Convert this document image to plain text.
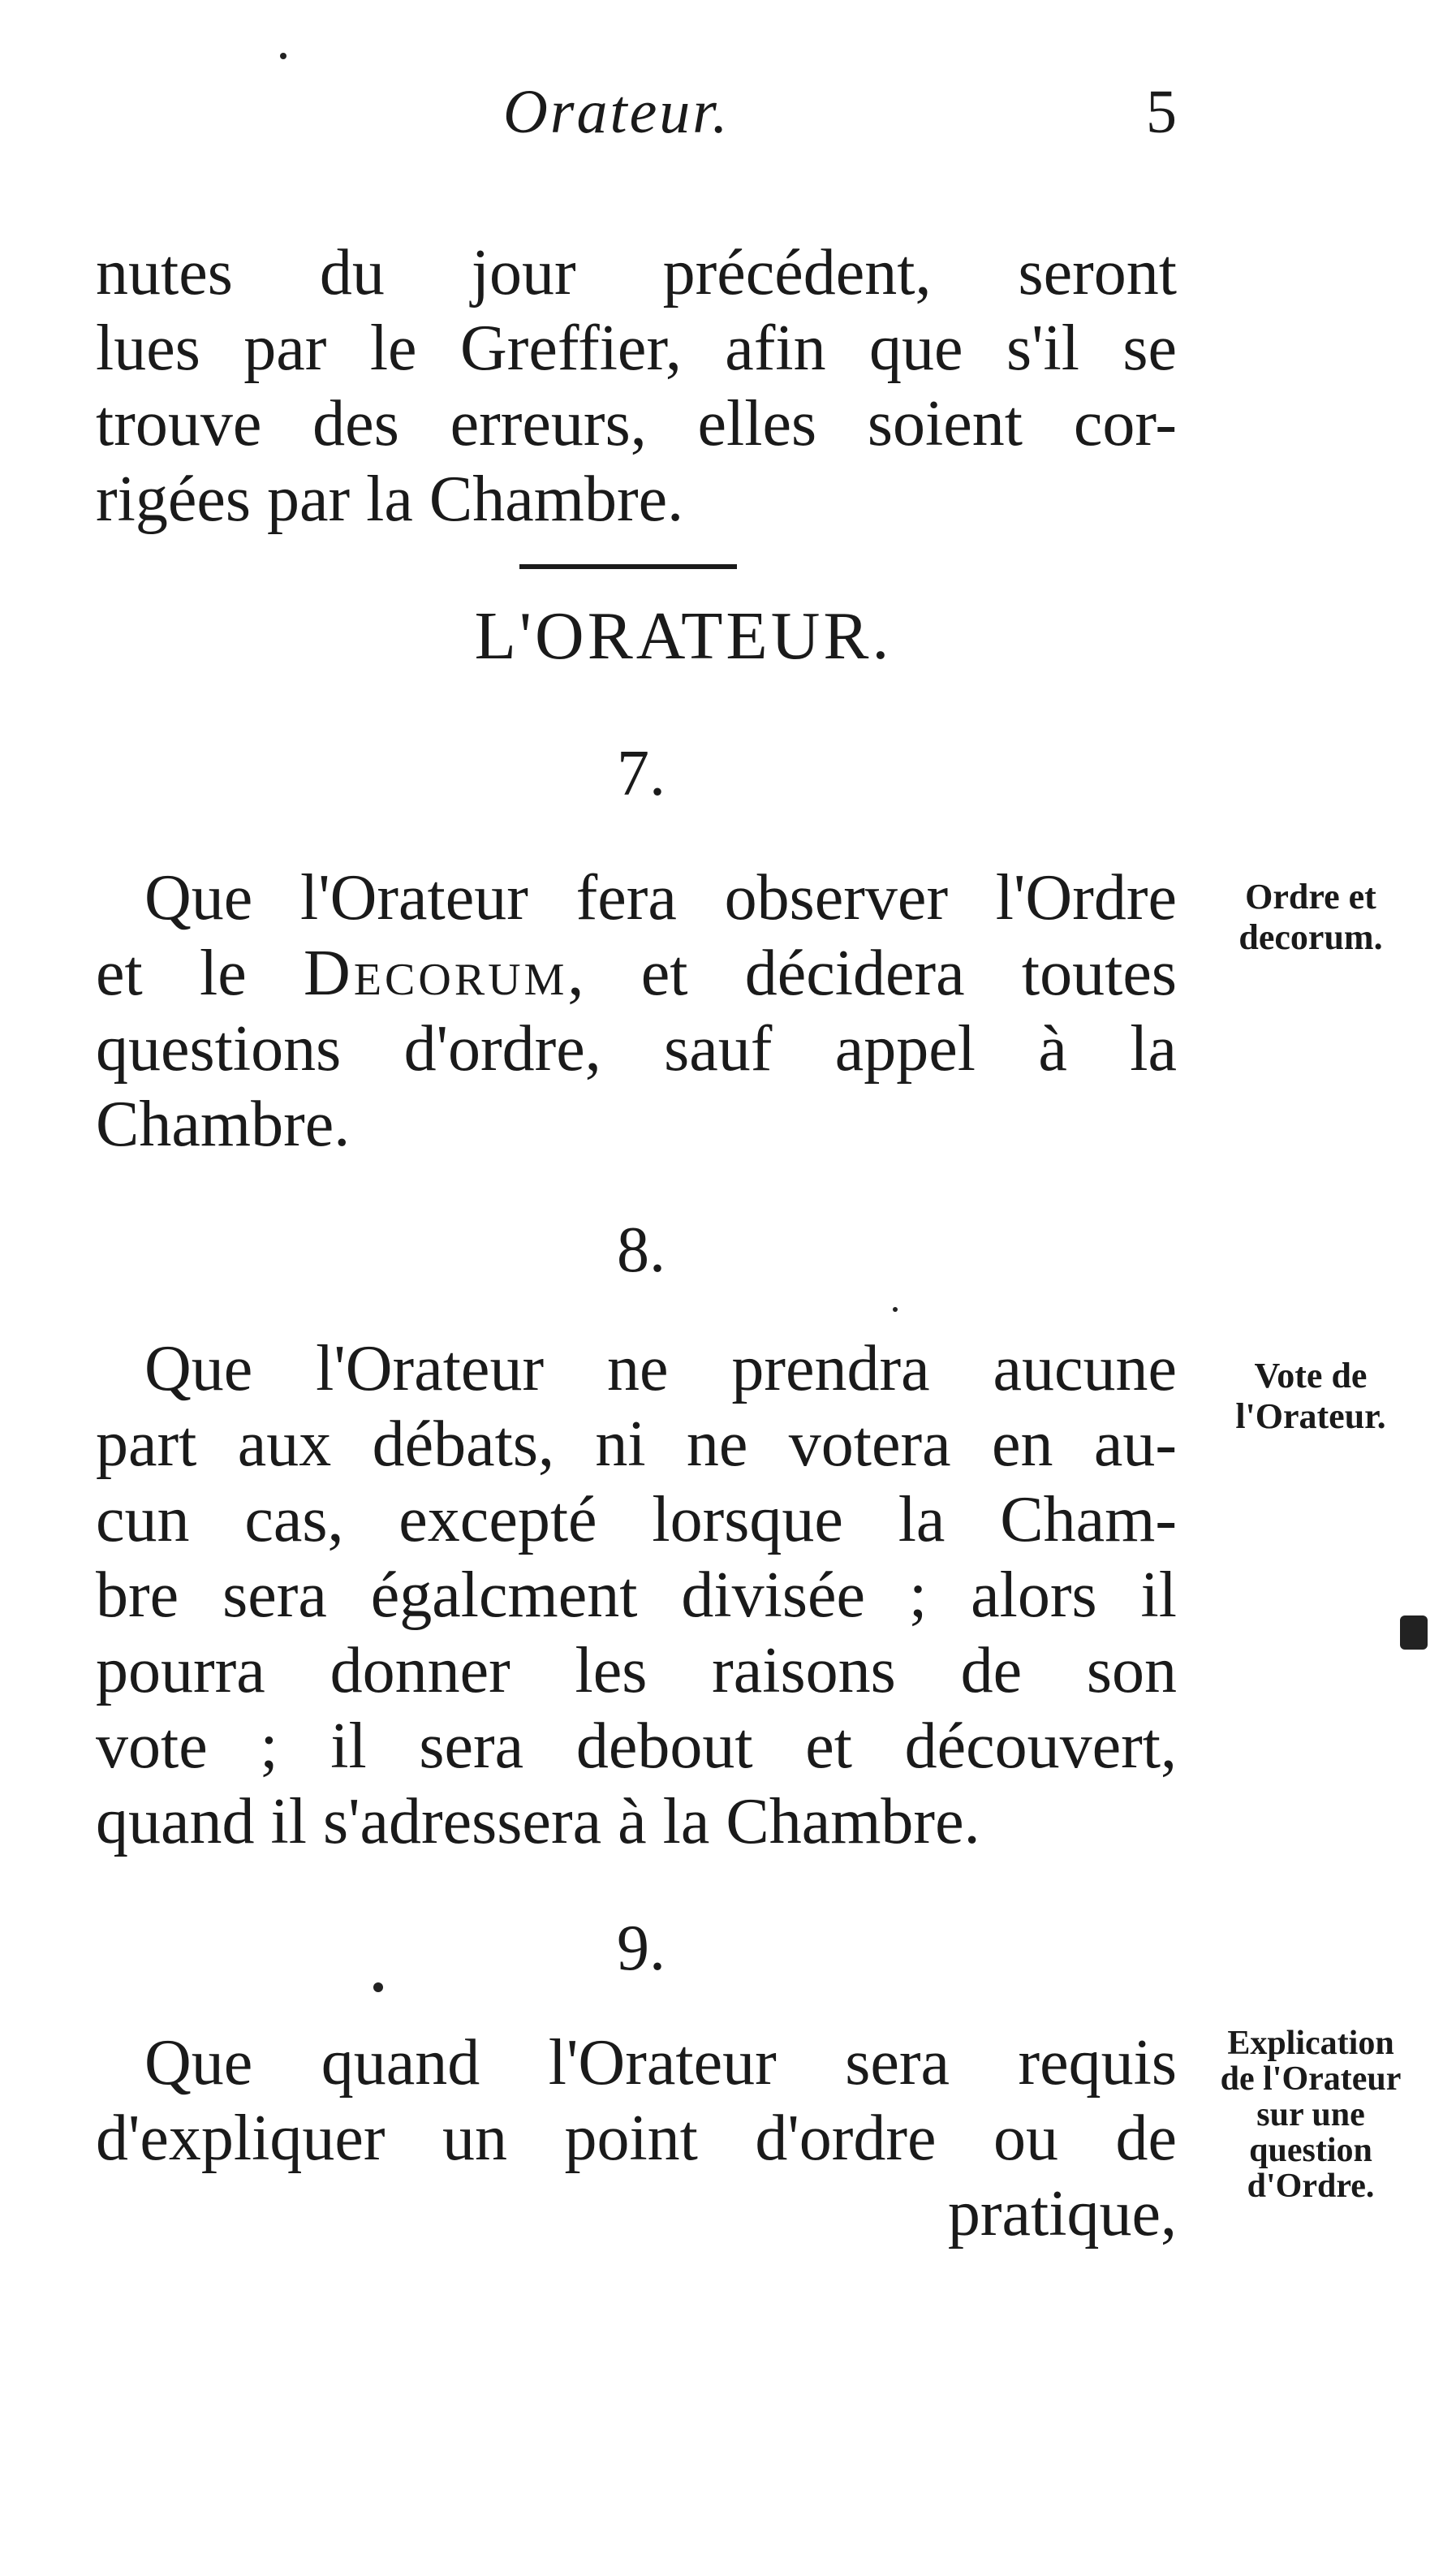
Orateur.	5
nutes du jour précédent, seront
lues par le Greffier, afin que s'il se
trouve des erreurs, elles soient cor-
rigées par la Chambre.
L'ORATEUR.
7.
Que l'Orateur fera observer l'Ordre
et le Decorum, et décidera toutes
questions d'ordre, sauf appel à la
Chambre.
Ordre et
decorum.
8.
Que l'Orateur ne prendra aucune
part aux débats, ni ne votera en au-
cun cas, excepté lorsque la Cham-
bre sera égalcment divisée ; alors il
pourra donner les raisons de son
vote ; il sera debout et découvert,
quand il s'adressera à la Chambre.
Vote de
l'Orateur.
9.
Que quand l'Orateur sera requis
d'expliquer un point d'ordre ou de
pratique,
Explication
de l'Orateur
sur une
question
d'Ordre.
